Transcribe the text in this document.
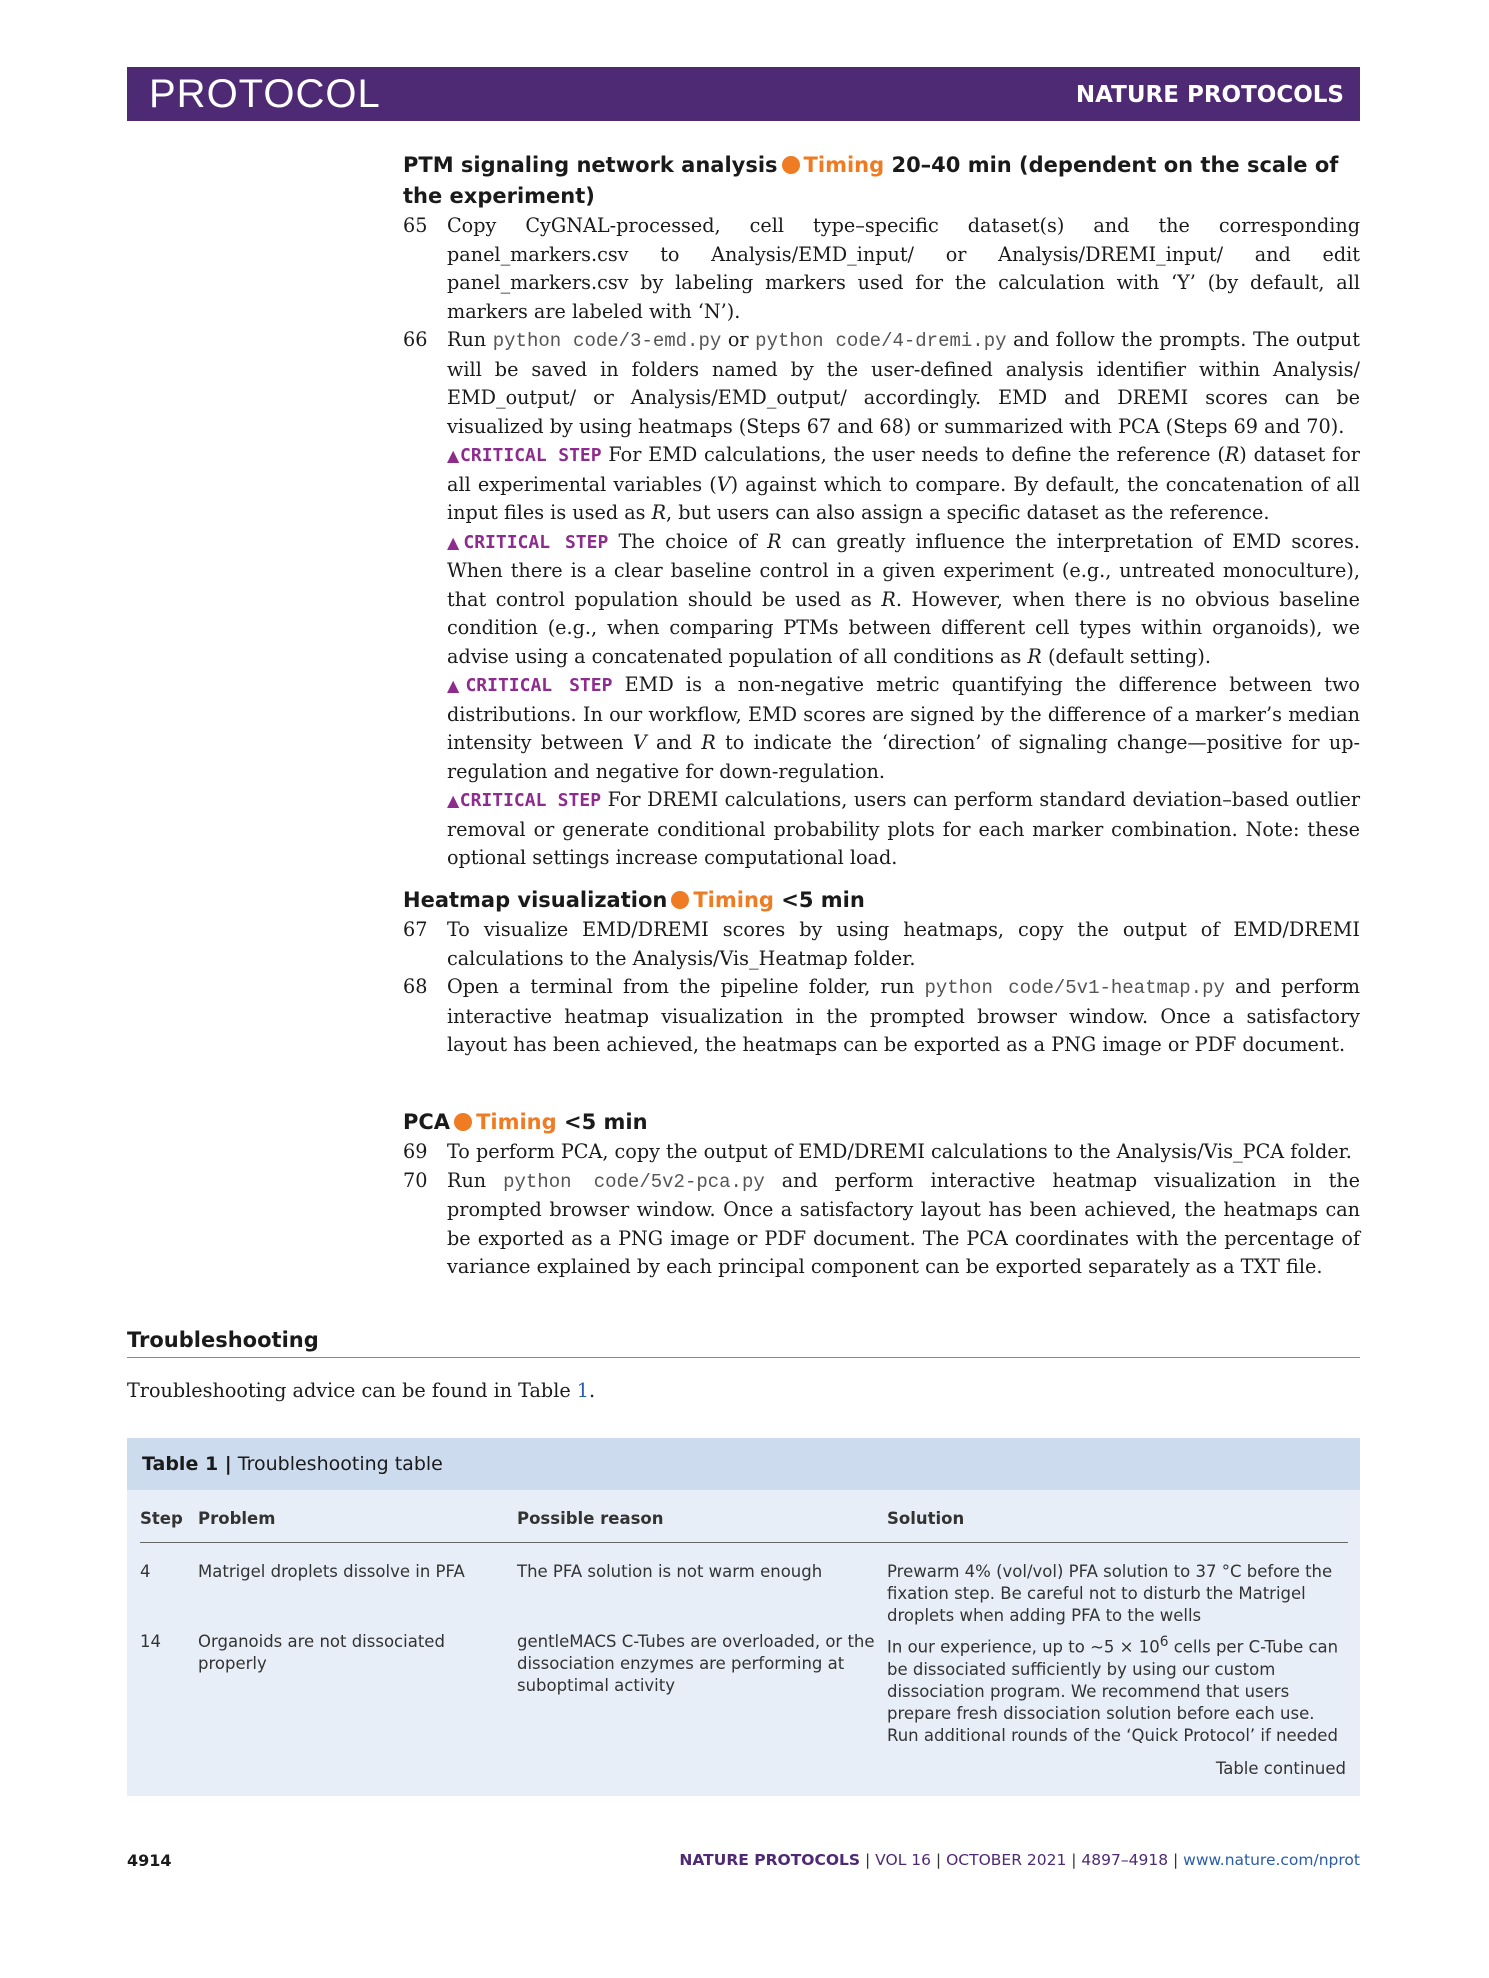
PROTOCOL	NATURE PROTOCOLS
PTM signaling network analysis Timing 20–40 min (dependent on the scale of the experiment)
65 Copy CyGNAL-processed, cell type–specific dataset(s) and the corresponding panel_markers.csv to Analysis/EMD_input/ or Analysis/DREMI_input/ and edit panel_markers.csv by labeling markers used for the calculation with ‘Y’ (by default, all markers are labeled with ‘N’).
66 Run python code/3-emd.py or python code/4-dremi.py and follow the prompts. The output will be saved in folders named by the user-defined analysis identifier within Analysis/ EMD_output/ or Analysis/EMD_output/ accordingly. EMD and DREMI scores can be visualized by using heatmaps (Steps 67 and 68) or summarized with PCA (Steps 69 and 70).
▲CRITICAL STEP For EMD calculations, the user needs to define the reference (R) dataset for all experimental variables (V) against which to compare. By default, the concatenation of all input files is used as R, but users can also assign a specific dataset as the reference.
▲CRITICAL STEP The choice of R can greatly influence the interpretation of EMD scores. When there is a clear baseline control in a given experiment (e.g., untreated monoculture), that control population should be used as R. However, when there is no obvious baseline condition (e.g., when comparing PTMs between different cell types within organoids), we advise using a concatenated population of all conditions as R (default setting).
▲CRITICAL STEP EMD is a non-negative metric quantifying the difference between two distributions. In our workflow, EMD scores are signed by the difference of a marker’s median intensity between V and R to indicate the ‘direction’ of signaling change—positive for up-regulation and negative for down-regulation.
▲CRITICAL STEP For DREMI calculations, users can perform standard deviation–based outlier removal or generate conditional probability plots for each marker combination. Note: these optional settings increase computational load.
Heatmap visualization Timing <5 min
67 To visualize EMD/DREMI scores by using heatmaps, copy the output of EMD/DREMI calculations to the Analysis/Vis_Heatmap folder.
68 Open a terminal from the pipeline folder, run python code/5v1-heatmap.py and perform interactive heatmap visualization in the prompted browser window. Once a satisfactory layout has been achieved, the heatmaps can be exported as a PNG image or PDF document.
PCA Timing <5 min
69 To perform PCA, copy the output of EMD/DREMI calculations to the Analysis/Vis_PCA folder.
70 Run python code/5v2-pca.py and perform interactive heatmap visualization in the prompted browser window. Once a satisfactory layout has been achieved, the heatmaps can be exported as a PNG image or PDF document. The PCA coordinates with the percentage of variance explained by each principal component can be exported separately as a TXT file.
Troubleshooting
Troubleshooting advice can be found in Table 1.
Table 1 | Troubleshooting table
Step	Problem	Possible reason	Solution
4	Matrigel droplets dissolve in PFA	The PFA solution is not warm enough	Prewarm 4% (vol/vol) PFA solution to 37 °C before the fixation step. Be careful not to disturb the Matrigel droplets when adding PFA to the wells
14	Organoids are not dissociated properly	gentleMACS C-Tubes are overloaded, or the dissociation enzymes are performing at suboptimal activity	In our experience, up to ~5 × $10^6$ cells per C-Tube can be dissociated sufficiently by using our custom dissociation program. We recommend that users prepare fresh dissociation solution before each use. Run additional rounds of the ‘Quick Protocol’ if needed
Table continued
4914	NATURE PROTOCOLS | VOL 16 | OCTOBER 2021 | 4897–4918 | www.nature.com/nprot
